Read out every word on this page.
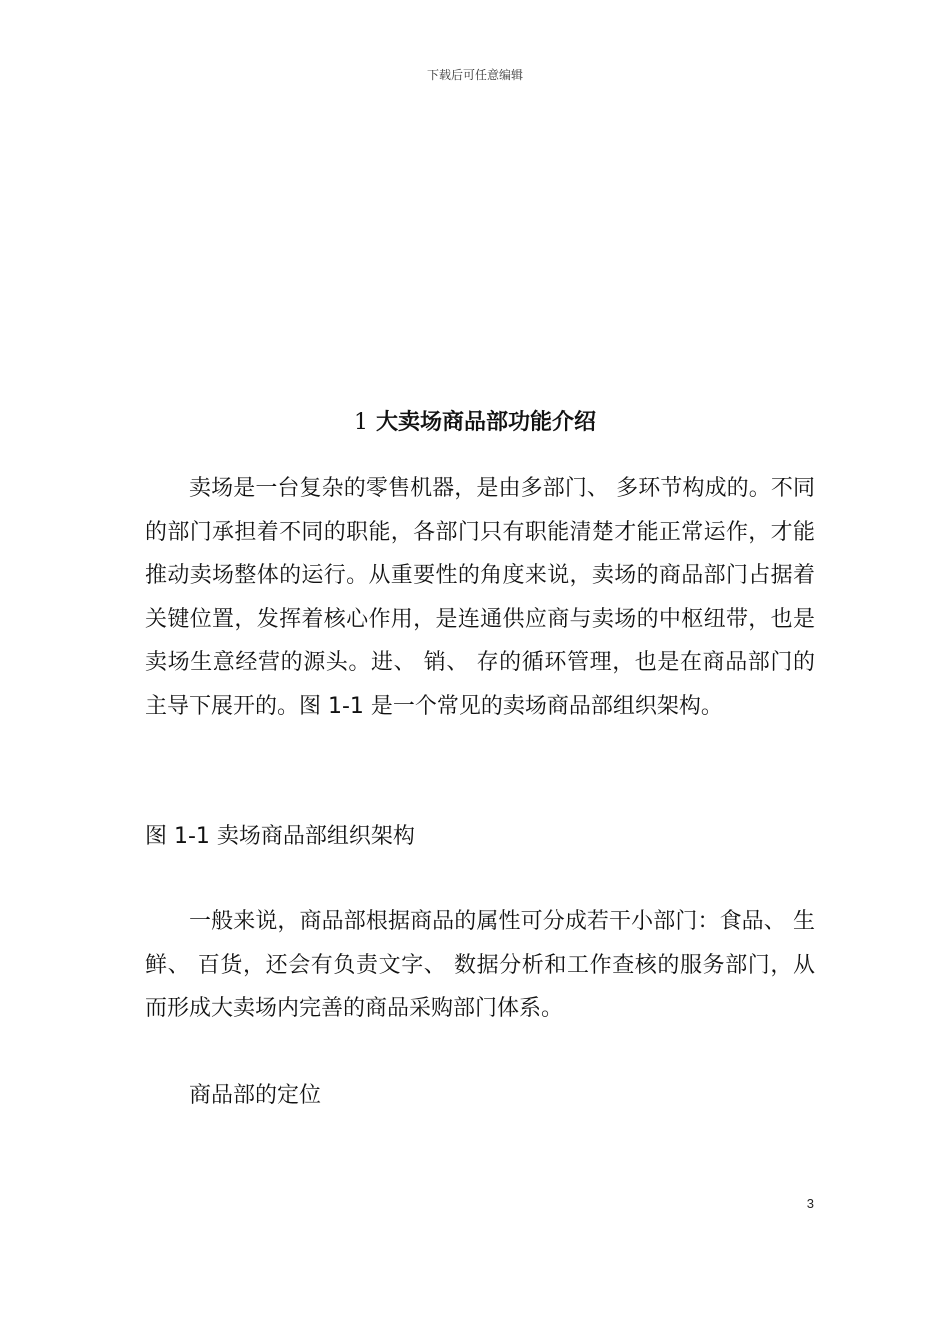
下载后可任意编辑
1 大卖场商品部功能介绍

卖场是一台复杂的零售机器，是由多部门、 多环节构成的。不同的部门承担着不同的职能，各部门只有职能清楚才能正常运作，才能推动卖场整体的运行。从重要性的角度来说，卖场的商品部门占据着关键位置，发挥着核心作用，是连通供应商与卖场的中枢纽带，也是卖场生意经营的源头。进、 销、 存的循环管理，也是在商品部门的主导下展开的。图 1-1 是一个常见的卖场商品部组织架构。

图 1-1 卖场商品部组织架构

一般来说，商品部根据商品的属性可分成若干小部门：食品、 生鲜、 百货，还会有负责文字、 数据分析和工作查核的服务部门，从而形成大卖场内完善的商品采购部门体系。

商品部的定位
3
